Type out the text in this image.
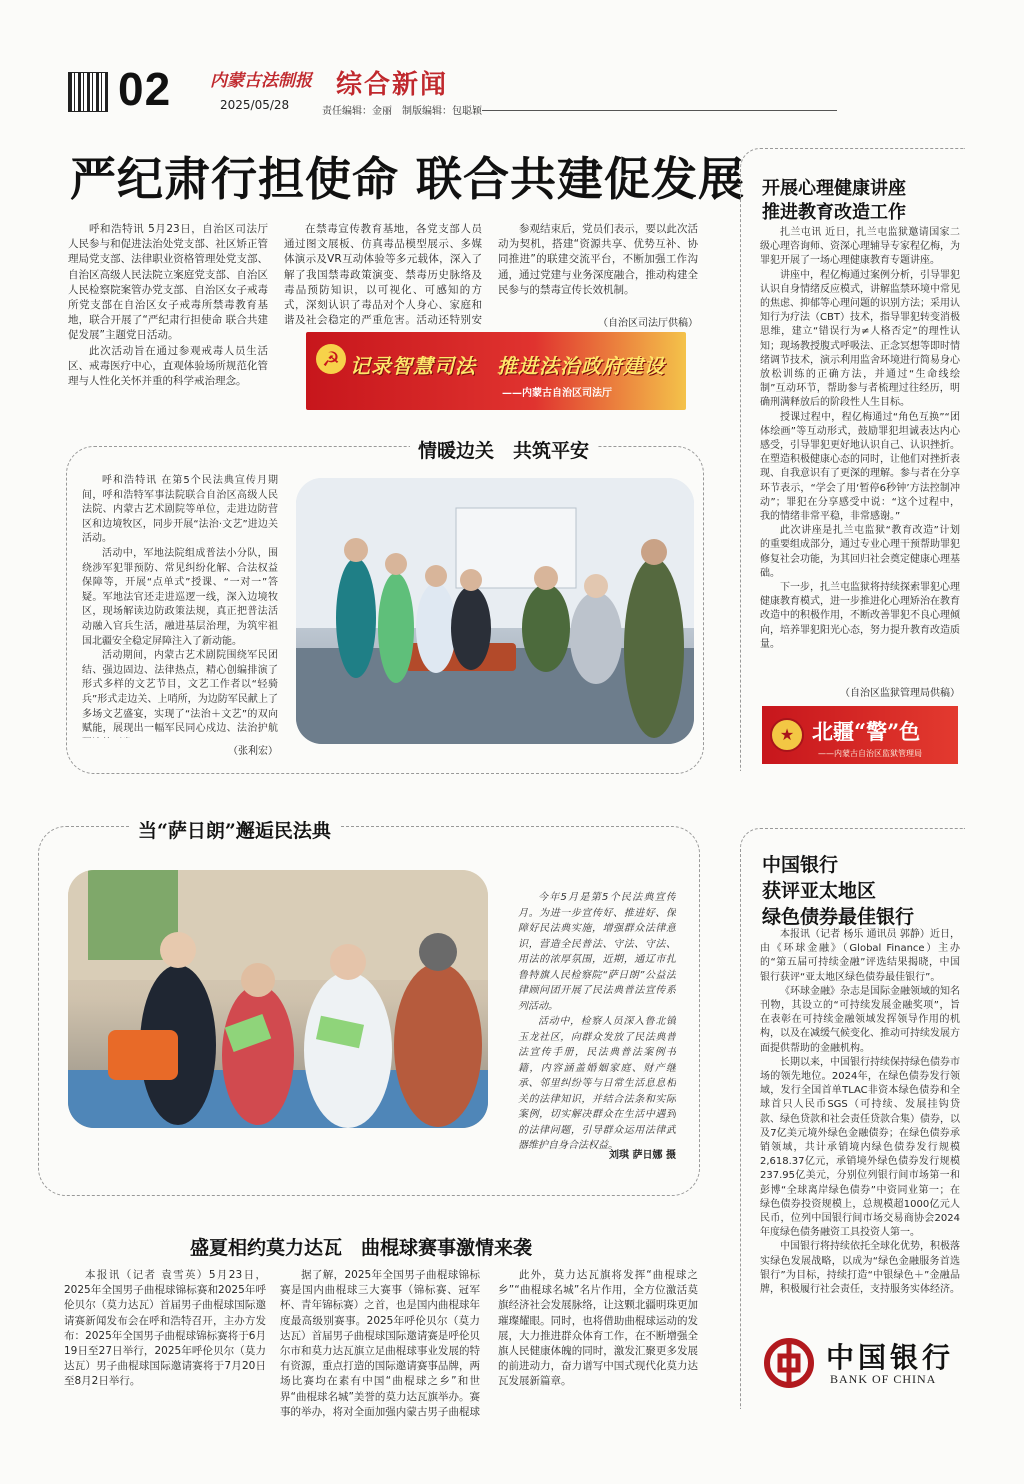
02 内蒙古法制报
2025/05/28
综合新闻
责任编辑：金丽　制版编辑：包聪颖
严纪肃行担使命 联合共建促发展

呼和浩特讯 5月23日，自治区司法厅人民参与和促进法治处党支部、社区矫正管理局党支部、法律职业资格管理处党支部、自治区高级人民法院立案庭党支部、自治区人民检察院案管办党支部、自治区女子戒毒所党支部在自治区女子戒毒所禁毒教育基地，联合开展了“严纪肃行担使命 联合共建促发展”主题党日活动。

此次活动旨在通过参观戒毒人员生活区、戒毒医疗中心，直观体验场所规范化管理与人性化关怀并重的科学戒治理念。

在禁毒宣传教育基地，各党支部人员通过图文展板、仿真毒品模型展示、多媒体演示及VR互动体验等多元载体，深入了解了我国禁毒政策演变、禁毒历史脉络及毒品预防知识，以可视化、可感知的方式，深刻认识了毒品对个人身心、家庭和谐及社会稳定的严重危害。活动还特别安

参观结束后，党员们表示，要以此次活动为契机，搭建“资源共享、优势互补、协同推进”的联建交流平台，不断加强工作沟通，通过党建与业务深度融合，推动构建全民参与的禁毒宣传长效机制。

（自治区司法厅供稿）
☭ 记录智慧司法　推进法治政府建设
——内蒙古自治区司法厅
情暖边关　共筑平安

呼和浩特讯 在第5个民法典宣传月期间，呼和浩特军事法院联合自治区高级人民法院、内蒙古艺术剧院等单位，走进边防营区和边境牧区，同步开展“法治·文艺”进边关活动。

活动中，军地法院组成普法小分队，围绕涉军犯罪预防、常见纠纷化解、合法权益保障等，开展“点单式”授课、“一对一”答疑。军地法官还走进巡逻一线，深入边境牧区，现场解读边防政策法规，真正把普法活动融入官兵生活，融进基层治理，为筑牢祖国北疆安全稳定屏障注入了新动能。

活动期间，内蒙古艺术剧院围绕军民团结、强边固边、法律热点，精心创编排演了形式多样的文艺节目，文艺工作者以“轻骑兵”形式走边关、上哨所，为边防军民献上了多场文艺盛宴，实现了“法治＋文艺”的双向赋能，展现出一幅军民同心戍边、法治护航

（张利宏）
当“萨日朗”邂逅民法典

今年5月是第5个民法典宣传月。为进一步宣传好、推进好、保障好民法典实施，增强群众法律意识，营造全民普法、守法、守法、用法的浓厚氛围，近期，通辽市扎鲁特旗人民检察院“萨日朗”公益法律顾问团开展了民法典普法宣传系列活动。

活动中，检察人员深入鲁北镇玉龙社区，向群众发放了民法典普法宣传手册，民法典普法案例书籍，内容涵盖婚姻家庭、财产继承、邻里纠纷等与日常生活息息相关的法律知识，并结合法条和实际案例，切实解决群众在生活中遇到的法律问题，引导群众运用法律武器维护自身合法权益。

刘琪 萨日娜 摄
盛夏相约莫力达瓦　曲棍球赛事激情来袭

本报讯（记者 袁雪英）5月23日，2025年全国男子曲棍球锦标赛和2025年呼伦贝尔（莫力达瓦）首届男子曲棍球国际邀请赛新闻发布会在呼和浩特召开，主办方发布：2025年全国男子曲棍球锦标赛将于6月19日至27日举行，2025年呼伦贝尔（莫力达瓦）男子曲棍球国际邀请赛将于7月20日至8月2日举行。

据了解，2025年全国男子曲棍球锦标赛是国内曲棍球三大赛事（锦标赛、冠军杯、青年锦标赛）之首，也是国内曲棍球年度最高级别赛事。2025年呼伦贝尔（莫力达瓦）首届男子曲棍球国际邀请赛是呼伦贝尔市和莫力达瓦旗立足曲棍球事业发展的特有资源，重点打造的国际邀请赛事品牌，两场比赛均在素有中国“曲棍球之乡”和世界“曲棍球名城”美誉的莫力达瓦旗举办。赛事的举办，将对全面加强内蒙古男子曲棍球

此外，莫力达瓦旗将发挥“曲棍球之乡”“曲棍球名城”名片作用，全方位激活莫旗经济社会发展脉络，让这颗北疆明珠更加璀璨耀眼。同时，也将借助曲棍球运动的发展，大力推进群众体育工作，在不断增强全旗人民健康体魄的同时，激发汇聚更多发展的前进动力，奋力谱写中国式现代化莫力达瓦发展新篇章。

开展心理健康讲座
推进教育改造工作

扎兰屯讯 近日，扎兰屯监狱邀请国家二级心理咨询师、资深心理辅导专家程亿梅，为罪犯开展了一场心理健康教育专题讲座。

讲座中，程亿梅通过案例分析，引导罪犯认识自身情绪反应模式，讲解监禁环境中常见的焦虑、抑郁等心理问题的识别方法；采用认知行为疗法（CBT）技术，指导罪犯转变消极思维，建立“错误行为≠人格否定”的理性认知；现场教授腹式呼吸法、正念冥想等即时情绪调节技术，演示利用监舍环境进行简易身心放松训练的正确方法，并通过“生命线绘制”互动环节，帮助参与者梳理过往经历，明确刑满释放后的阶段性人生目标。

授课过程中，程亿梅通过“角色互换”“团体绘画”等互动形式，鼓励罪犯坦诚表达内心感受，引导罪犯更好地认识自己、认识挫折。在塑造积极健康心态的同时，让他们对挫折表现、自我意识有了更深的理解。参与者在分享环节表示，“学会了用‘暂停6秒钟’方法控制冲动”；罪犯在分享感受中说：“这个过程中，我的情绪非常平稳，非常感谢。”

此次讲座是扎兰屯监狱“教育改造”计划的重要组成部分，通过专业心理干预帮助罪犯修复社会功能，为其回归社会奠定健康心理基础。

下一步，扎兰屯监狱将持续探索罪犯心理健康教育模式，进一步推进化心理矫治在教育改造中的积极作用，不断改善罪犯不良心理倾向，培养罪犯阳光心态，努力提升教育改造质量。

（自治区监狱管理局供稿）
★ 北疆“警”色
——内蒙古自治区监狱管理局
中国银行
获评亚太地区
绿色债券最佳银行

本报讯（记者 杨乐 通讯员 郭静）近日，由《环球金融》（Global Finance）主办的“第五届可持续金融”评选结果揭晓，中国银行获评“亚太地区绿色债券最佳银行”。

《环球金融》杂志是国际金融领域的知名刊物，其设立的“可持续发展金融奖项”，旨在表彰在可持续金融领域发挥领导作用的机构，以及在减缓气候变化、推动可持续发展方面提供帮助的金融机构。

长期以来，中国银行持续保持绿色债券市场的领先地位。2024年，在绿色债券发行领域，发行全国首单TLAC非资本绿色债券和全球首只人民币SGS（可持续、发展挂钩贷款、绿色贷款和社会责任贷款合集）债券，以及7亿美元境外绿色金融债券；在绿色债券承销领域，共计承销境内绿色债券发行规模2,618.37亿元，承销境外绿色债券发行规模237.95亿美元，分别位列银行间市场第一和彭博“全球离岸绿色债券”中资同业第一；在绿色债券投资规模上，总规模超1000亿元人民币，位列中国银行间市场交易商协会2024年度绿色债务融资工具投资人第一。

中国银行将持续依托全球化优势，积极落实绿色发展战略，以成为“绿色金融服务首选银行”为目标，持续打造“中银绿色＋”金融品牌，积极履行社会责任，支持服务实体经济。

中国银行
BANK OF CHINA
